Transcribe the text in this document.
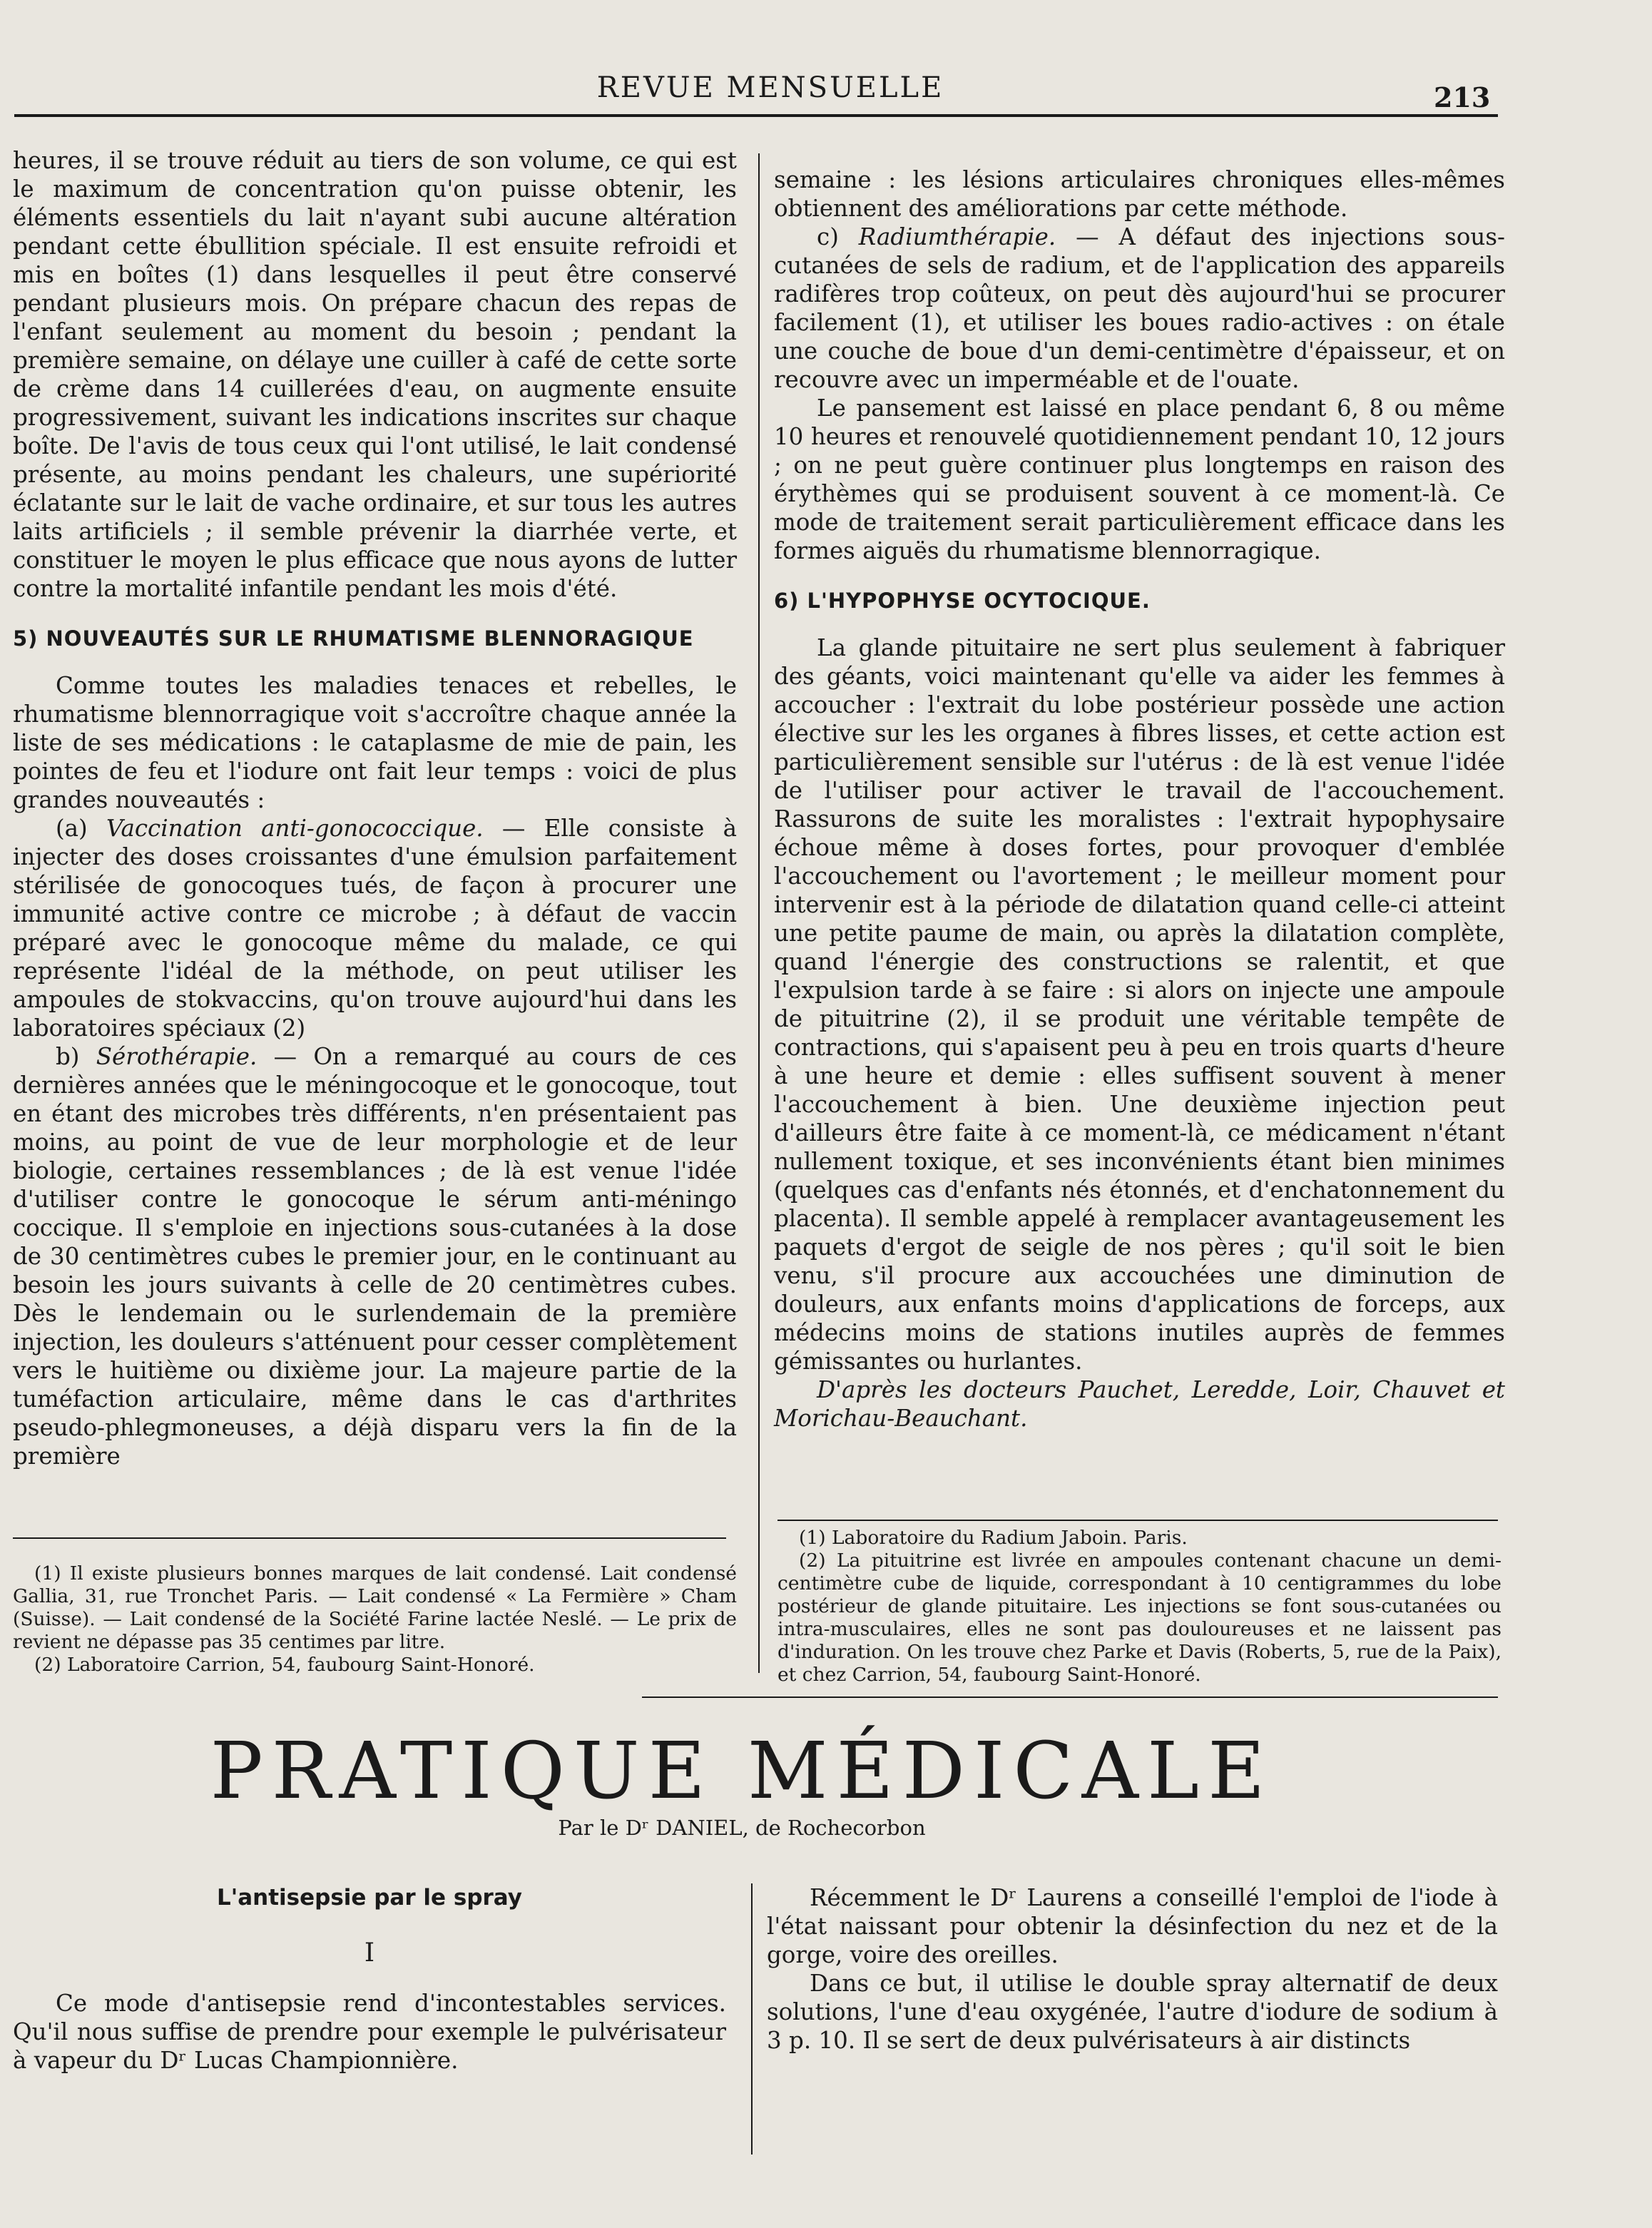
REVUE MENSUELLE	213

heures, il se trouve réduit au tiers de son volume, ce qui est le maximum de concentration qu'on puisse obtenir, les éléments essentiels du lait n'ayant subi aucune altération pendant cette ébullition spéciale. Il est ensuite refroidi et mis en boîtes (1) dans lesquelles il peut être conservé pendant plusieurs mois. On prépare chacun des repas de l'enfant seulement au moment du besoin ; pendant la première semaine, on délaye une cuiller à café de cette sorte de crème dans 14 cuillerées d'eau, on augmente ensuite progressivement, suivant les indications inscrites sur chaque boîte. De l'avis de tous ceux qui l'ont utilisé, le lait condensé présente, au moins pendant les chaleurs, une supériorité éclatante sur le lait de vache ordinaire, et sur tous les autres laits artificiels ; il semble prévenir la diarrhée verte, et constituer le moyen le plus efficace que nous ayons de lutter contre la mortalité infantile pendant les mois d'été.

5) NOUVEAUTÉS SUR LE RHUMATISME BLENNORAGIQUE

Comme toutes les maladies tenaces et rebelles, le rhumatisme blennorragique voit s'accroître chaque année la liste de ses médications : le cataplasme de mie de pain, les pointes de feu et l'iodure ont fait leur temps : voici de plus grandes nouveautés :

(a) Vaccination anti-gonococcique. — Elle consiste à injecter des doses croissantes d'une émulsion parfaitement stérilisée de gonocoques tués, de façon à procurer une immunité active contre ce microbe ; à défaut de vaccin préparé avec le gonocoque même du malade, ce qui représente l'idéal de la méthode, on peut utiliser les ampoules de stokvaccins, qu'on trouve aujourd'hui dans les laboratoires spéciaux (2)

b) Sérothérapie. — On a remarqué au cours de ces dernières années que le méningocoque et le gonocoque, tout en étant des microbes très différents, n'en présentaient pas moins, au point de vue de leur morphologie et de leur biologie, certaines ressemblances ; de là est venue l'idée d'utiliser contre le gonocoque le sérum anti-méningo coccique. Il s'emploie en injections sous-cutanées à la dose de 30 centimètres cubes le premier jour, en le continuant au besoin les jours suivants à celle de 20 centimètres cubes. Dès le lendemain ou le surlendemain de la première injection, les douleurs s'atténuent pour cesser complètement vers le huitième ou dixième jour. La majeure partie de la tuméfaction articulaire, même dans le cas d'arthrites pseudo-phlegmoneuses, a déjà disparu vers la fin de la première

(1) Il existe plusieurs bonnes marques de lait condensé. Lait condensé Gallia, 31, rue Tronchet Paris. — Lait condensé « La Fermière » Cham (Suisse). — Lait condensé de la Société Farine lactée Neslé. — Le prix de revient ne dépasse pas 35 centimes par litre.

(2) Laboratoire Carrion, 54, faubourg Saint-Honoré.

semaine : les lésions articulaires chroniques elles-mêmes obtiennent des améliorations par cette méthode.

c) Radiumthérapie. — A défaut des injections sous-cutanées de sels de radium, et de l'application des appareils radifères trop coûteux, on peut dès aujourd'hui se procurer facilement (1), et utiliser les boues radio-actives : on étale une couche de boue d'un demi-centimètre d'épaisseur, et on recouvre avec un imperméable et de l'ouate.

Le pansement est laissé en place pendant 6, 8 ou même 10 heures et renouvelé quotidiennement pendant 10, 12 jours ; on ne peut guère continuer plus longtemps en raison des érythèmes qui se produisent souvent à ce moment-là. Ce mode de traitement serait particulièrement efficace dans les formes aiguës du rhumatisme blennorragique.

6) L'HYPOPHYSE OCYTOCIQUE.

La glande pituitaire ne sert plus seulement à fabriquer des géants, voici maintenant qu'elle va aider les femmes à accoucher : l'extrait du lobe postérieur possède une action élective sur les les organes à fibres lisses, et cette action est particulièrement sensible sur l'utérus : de là est venue l'idée de l'utiliser pour activer le travail de l'accouchement. Rassurons de suite les moralistes : l'extrait hypophysaire échoue même à doses fortes, pour provoquer d'emblée l'accouchement ou l'avortement ; le meilleur moment pour intervenir est à la période de dilatation quand celle-ci atteint une petite paume de main, ou après la dilatation complète, quand l'énergie des constructions se ralentit, et que l'expulsion tarde à se faire : si alors on injecte une ampoule de pituitrine (2), il se produit une véritable tempête de contractions, qui s'apaisent peu à peu en trois quarts d'heure à une heure et demie : elles suffisent souvent à mener l'accouchement à bien. Une deuxième injection peut d'ailleurs être faite à ce moment-là, ce médicament n'étant nullement toxique, et ses inconvénients étant bien minimes (quelques cas d'enfants nés étonnés, et d'enchatonnement du placenta). Il semble appelé à remplacer avantageusement les paquets d'ergot de seigle de nos pères ; qu'il soit le bien venu, s'il procure aux accouchées une diminution de douleurs, aux enfants moins d'applications de forceps, aux médecins moins de stations inutiles auprès de femmes gémissantes ou hurlantes.

D'après les docteurs Pauchet, Leredde, Loir, Chauvet et Morichau-Beauchant.

(1) Laboratoire du Radium Jaboin. Paris.

(2) La pituitrine est livrée en ampoules contenant chacune un demi-centimètre cube de liquide, correspondant à 10 centigrammes du lobe postérieur de glande pituitaire. Les injections se font sous-cutanées ou intra-musculaires, elles ne sont pas douloureuses et ne laissent pas d'induration. On les trouve chez Parke et Davis (Roberts, 5, rue de la Paix), et chez Carrion, 54, faubourg Saint-Honoré.

PRATIQUE MÉDICALE
Par le Dʳ DANIEL, de Rochecorbon
L'antisepsie par le spray
I

Ce mode d'antisepsie rend d'incontestables services. Qu'il nous suffise de prendre pour exemple le pulvérisateur à vapeur du Dʳ Lucas Championnière.

Récemment le Dʳ Laurens a conseillé l'emploi de l'iode à l'état naissant pour obtenir la désinfection du nez et de la gorge, voire des oreilles.

Dans ce but, il utilise le double spray alternatif de deux solutions, l'une d'eau oxygénée, l'autre d'iodure de sodium à 3 p. 10. Il se sert de deux pulvérisateurs à air distincts
